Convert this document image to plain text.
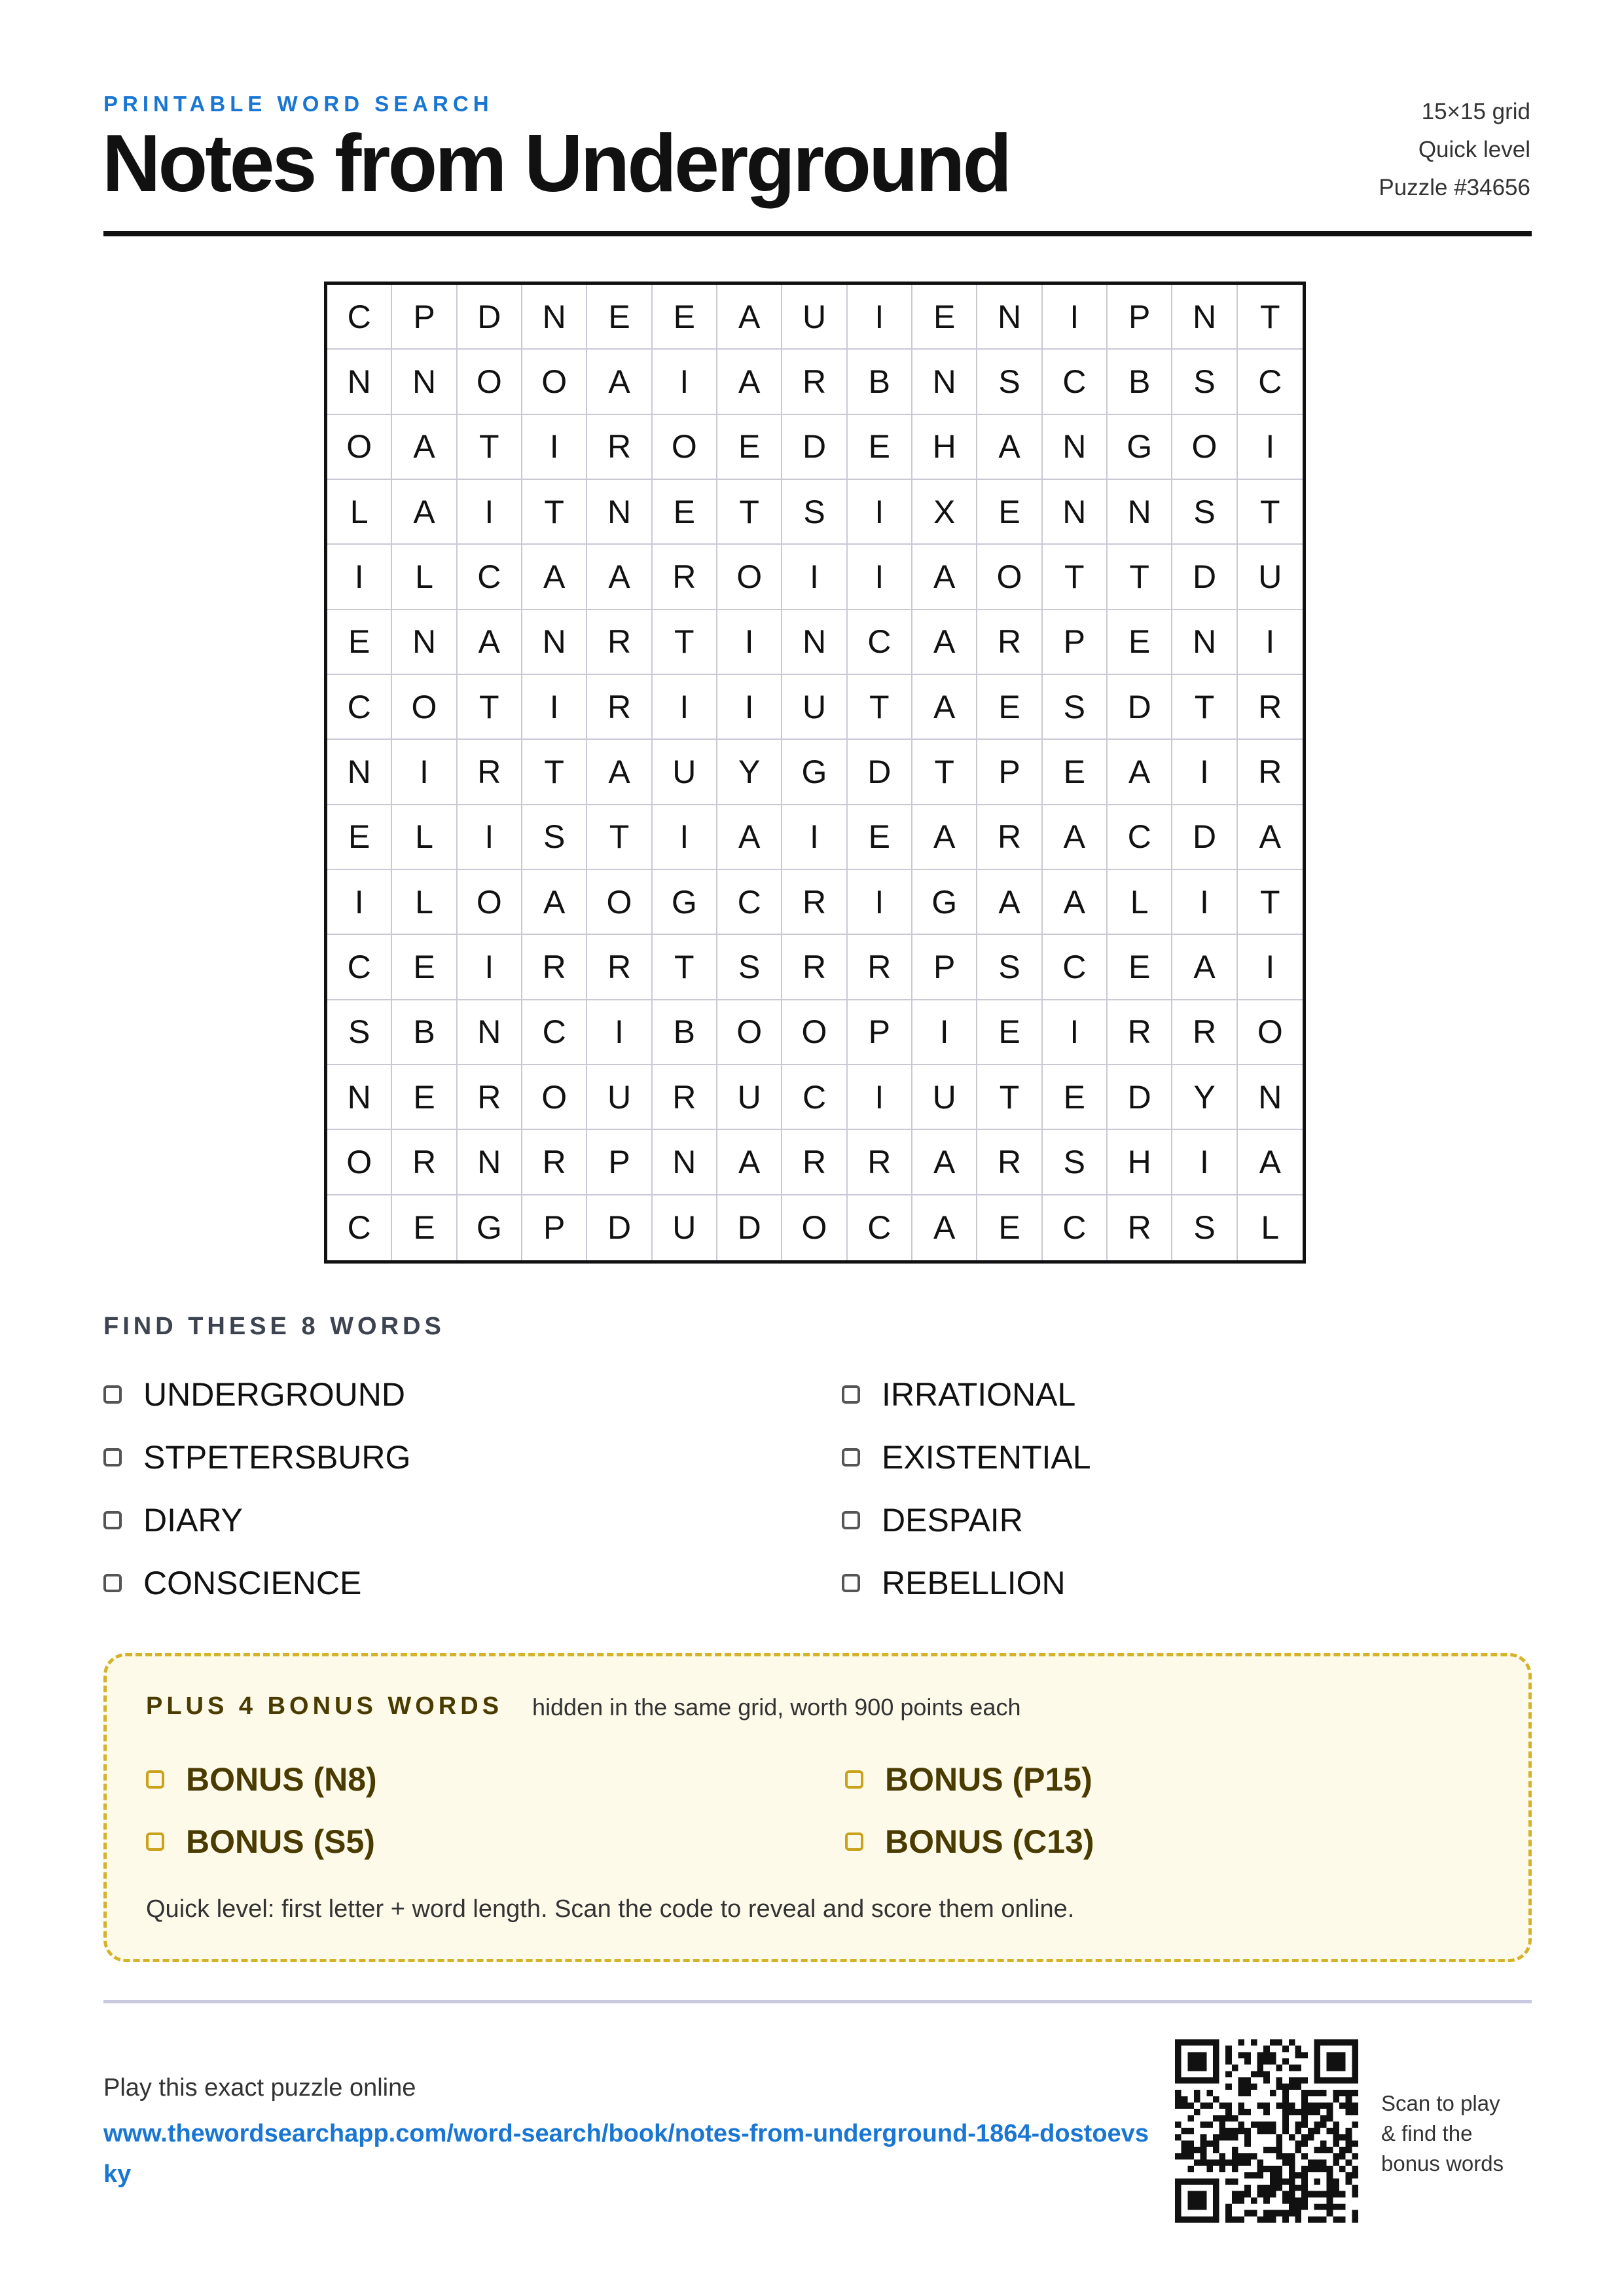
PRINTABLE WORD SEARCH
Notes from Underground
15×15 grid
Quick level
Puzzle #34656
C	P	D	N	E	E	A	U	I	E	N	I	P	N	T
N	N	O	O	A	I	A	R	B	N	S	C	B	S	C
O	A	T	I	R	O	E	D	E	H	A	N	G	O	I
L	A	I	T	N	E	T	S	I	X	E	N	N	S	T
I	L	C	A	A	R	O	I	I	A	O	T	T	D	U
E	N	A	N	R	T	I	N	C	A	R	P	E	N	I
C	O	T	I	R	I	I	U	T	A	E	S	D	T	R
N	I	R	T	A	U	Y	G	D	T	P	E	A	I	R
E	L	I	S	T	I	A	I	E	A	R	A	C	D	A
I	L	O	A	O	G	C	R	I	G	A	A	L	I	T
C	E	I	R	R	T	S	R	R	P	S	C	E	A	I
S	B	N	C	I	B	O	O	P	I	E	I	R	R	O
N	E	R	O	U	R	U	C	I	U	T	E	D	Y	N
O	R	N	R	P	N	A	R	R	A	R	S	H	I	A
C	E	G	P	D	U	D	O	C	A	E	C	R	S	L
FIND THESE 8 WORDS
UNDERGROUND
STPETERSBURG
DIARY
CONSCIENCE
IRRATIONAL
EXISTENTIAL
DESPAIR
REBELLION
PLUS 4 BONUS WORDS hidden in the same grid, worth 900 points each
BONUS (N8)
BONUS (S5)
BONUS (P15)
BONUS (C13)
Quick level: first letter + word length. Scan the code to reveal and score them online.
Play this exact puzzle online
www.thewordsearchapp.com/word-search/book/notes-from-underground-1864-dostoevsky
Scan to play
& find the
bonus words
